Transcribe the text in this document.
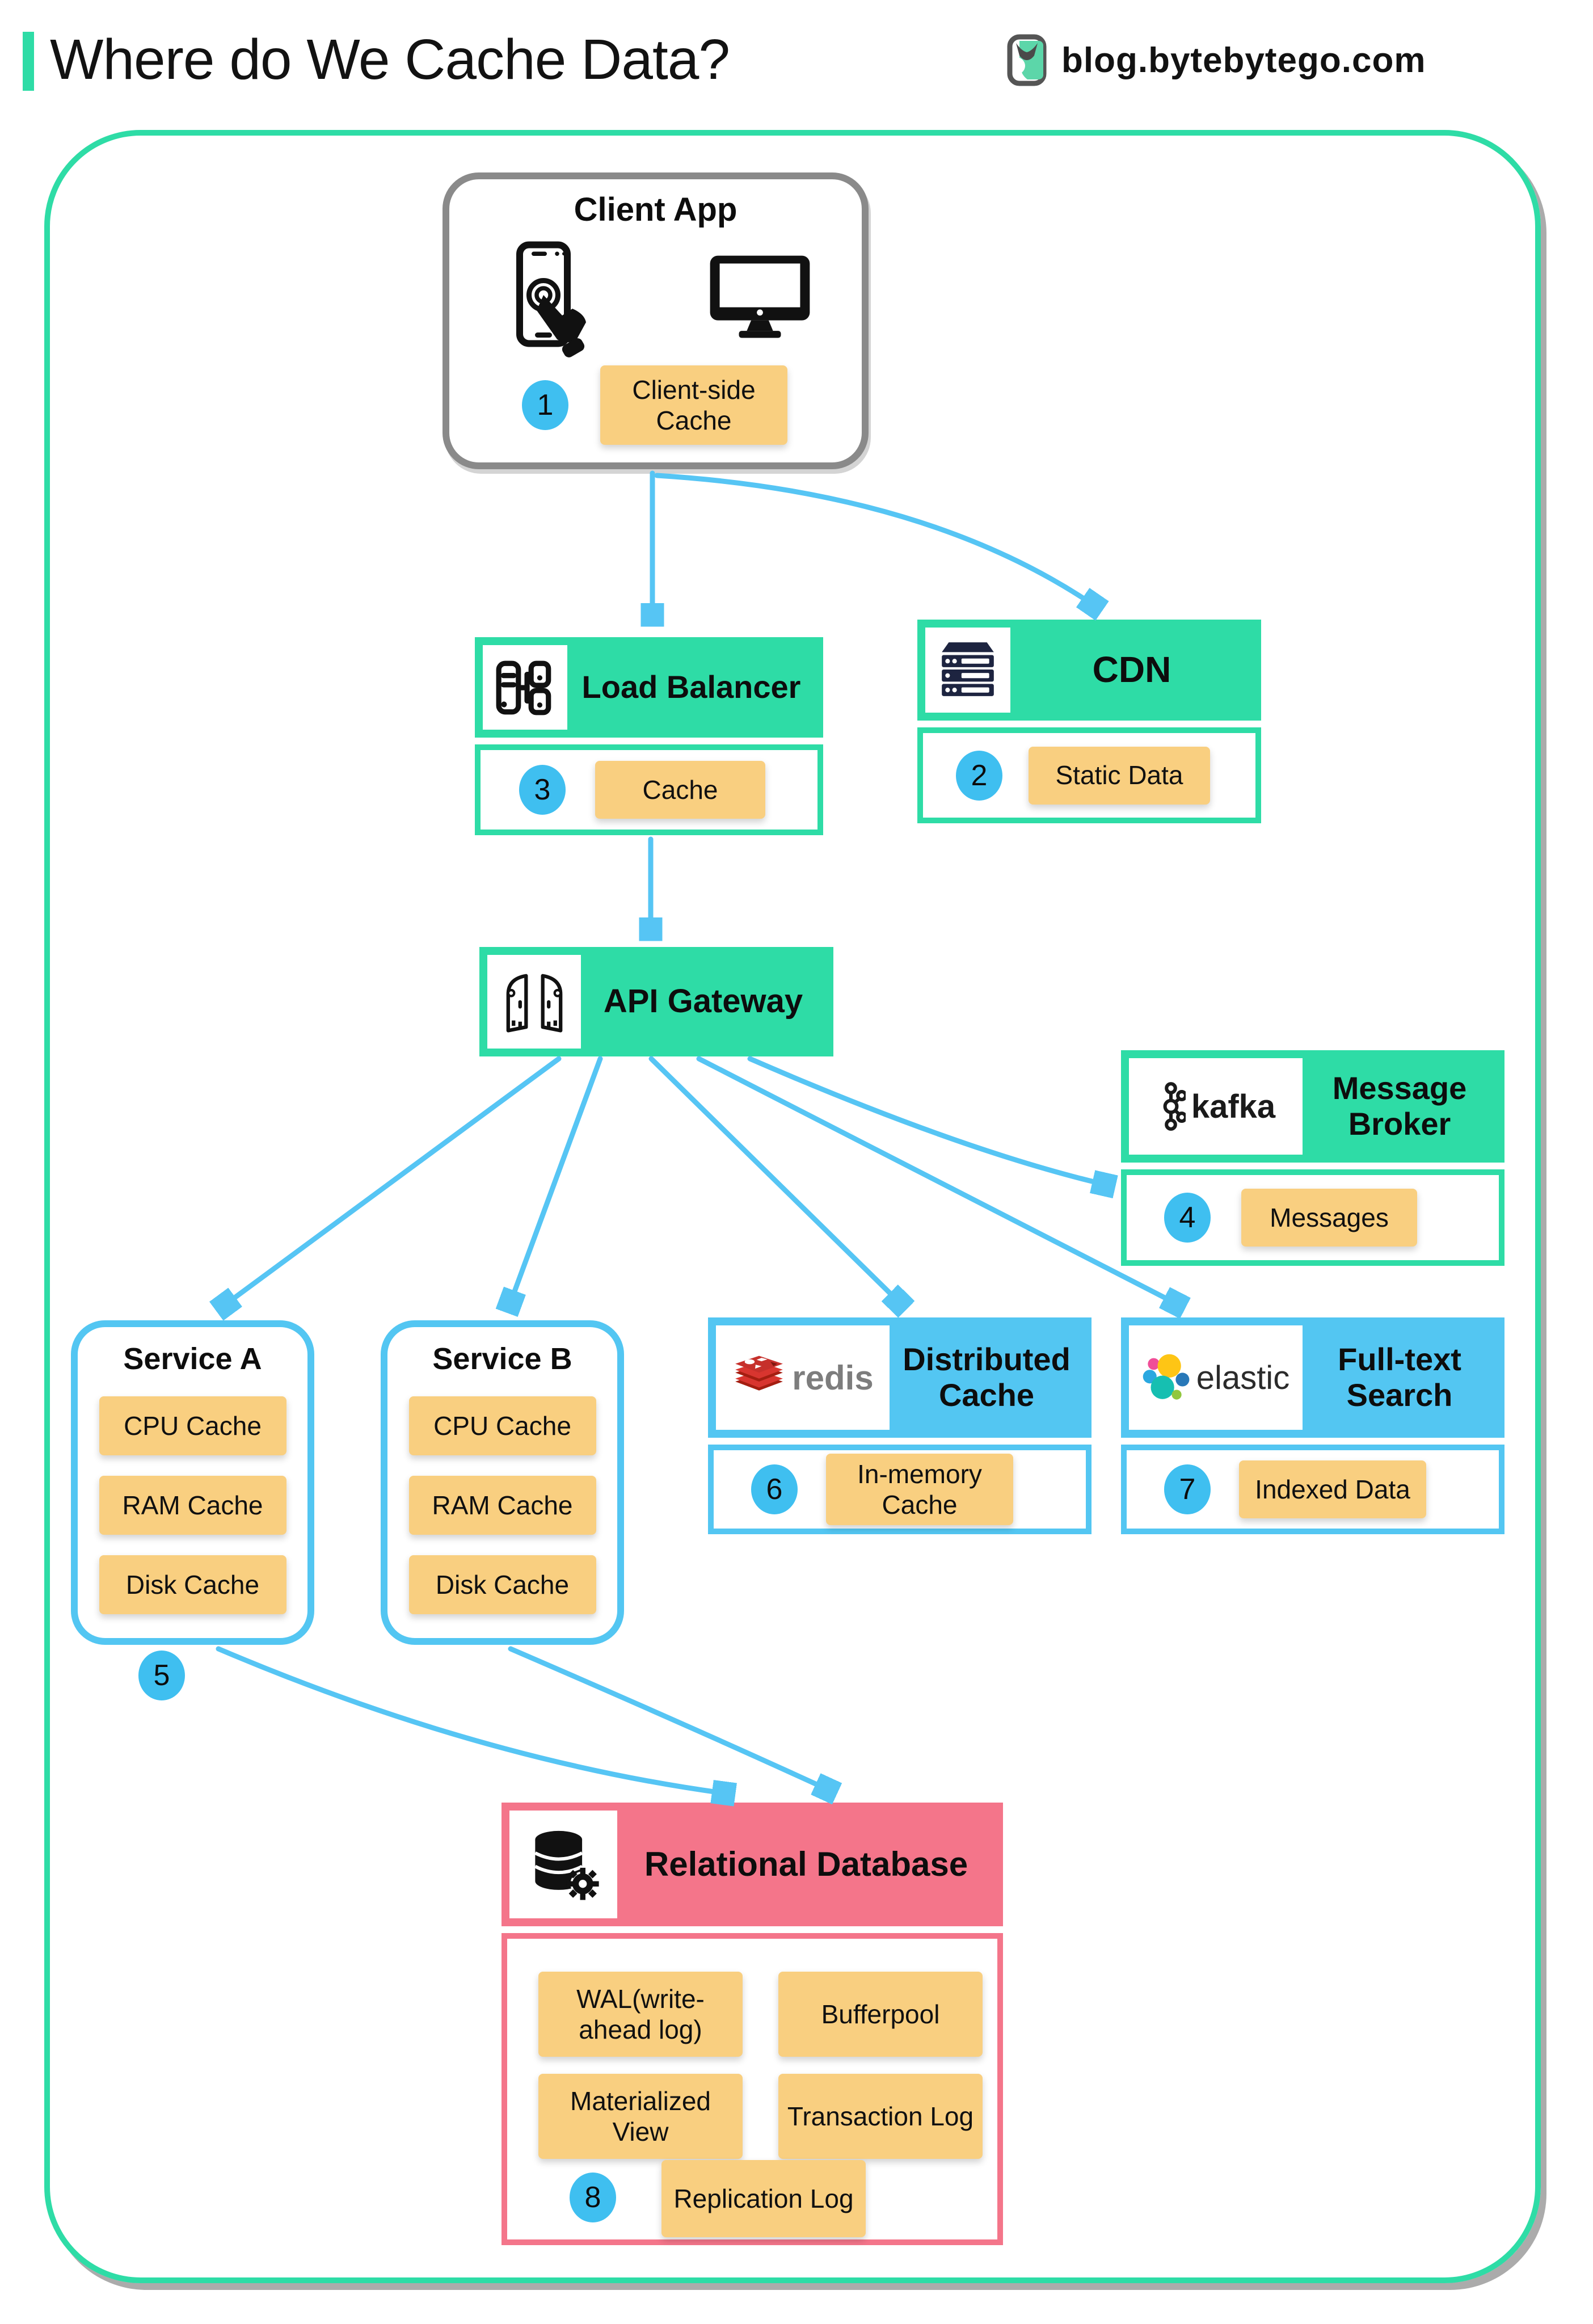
Where do We Cache Data?	blog.bytebytego.com
Client App
1	Client-side Cache
Load Balancer
3	Cache
CDN
2	Static Data
API Gateway
kafka	Message Broker
4	Messages
Service A
CPU Cache
RAM Cache
Disk Cache
Service B
CPU Cache
RAM Cache
Disk Cache
5
redis Distributed Cache
6	In-memory Cache
elastic	Full-text Search
7	Indexed Data
Relational Database
WAL(write-ahead log)
Bufferpool
Materialized View
Transaction Log
8	Replication Log
